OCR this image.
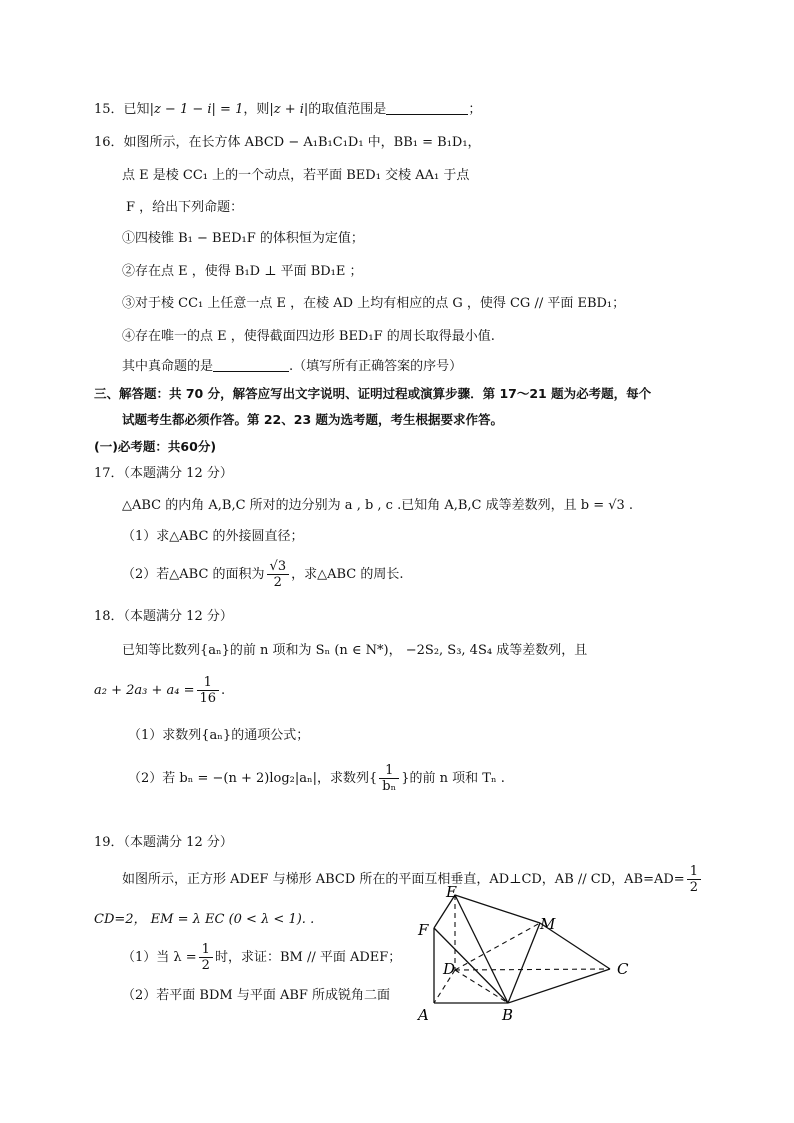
15．已知|z − 1 − i| = 1，则|z + i|的取值范围是	；
16．如图所示，在长方体 ABCD − A₁B₁C₁D₁ 中，BB₁ = B₁D₁，
点 E 是棱 CC₁ 上的一个动点，若平面 BED₁ 交棱 AA₁ 于点
F ，给出下列命题：
①四棱锥 B₁ − BED₁F 的体积恒为定值；
②存在点 E ，使得 B₁D ⊥ 平面 BD₁E ；
③对于棱 CC₁ 上任意一点 E ，在棱 AD 上均有相应的点 G ，使得 CG // 平面 EBD₁；
④存在唯一的点 E ，使得截面四边形 BED₁F 的周长取得最小值.
其中真命题的是	.（填写所有正确答案的序号）
三、解答题：共 70 分，解答应写出文字说明、证明过程或演算步骤．第 17～21 题为必考题，每个
试题考生都必须作答。第 22、23 题为选考题，考生根据要求作答。
(一)必考题：共60分)
17．（本题满分 12 分）
△ABC 的内角 A,B,C 所对的边分别为 a , b , c .已知角 A,B,C 成等差数列，且 b = √3 .
（1）求△ABC 的外接圆直径；
（2）若△ABC 的面积为 $\frac{√3}{2}$ ，求△ABC 的周长.
18．（本题满分 12 分）
已知等比数列{aₙ}的前 n 项和为 Sₙ (n ∈ N*)， −2S₂, S₃, 4S₄ 成等差数列，且
$a_2 + 2a_3 + a_4 = \frac{1}{16}$ .
（1）求数列{aₙ}的通项公式；
（2）若 bₙ = −(n + 2)log₂|aₙ|，求数列{ $\frac{1}{\text{bₙ}}$ }的前 n 项和 Tₙ .
19．（本题满分 12 分）
如图所示，正方形 ADEF 与梯形 ABCD 所在的平面互相垂直，AD⊥CD，AB // CD，$AB=AD= \frac{1}{2}$
CD=2， EM = λ EC (0 < λ < 1). .
（1）当 $\lambda = \frac{1}{2}$ 时，求证：BM // 平面 ADEF；
（2）若平面 BDM 与平面 ABF 所成锐角二面
E
F	M
D	C
A	B
